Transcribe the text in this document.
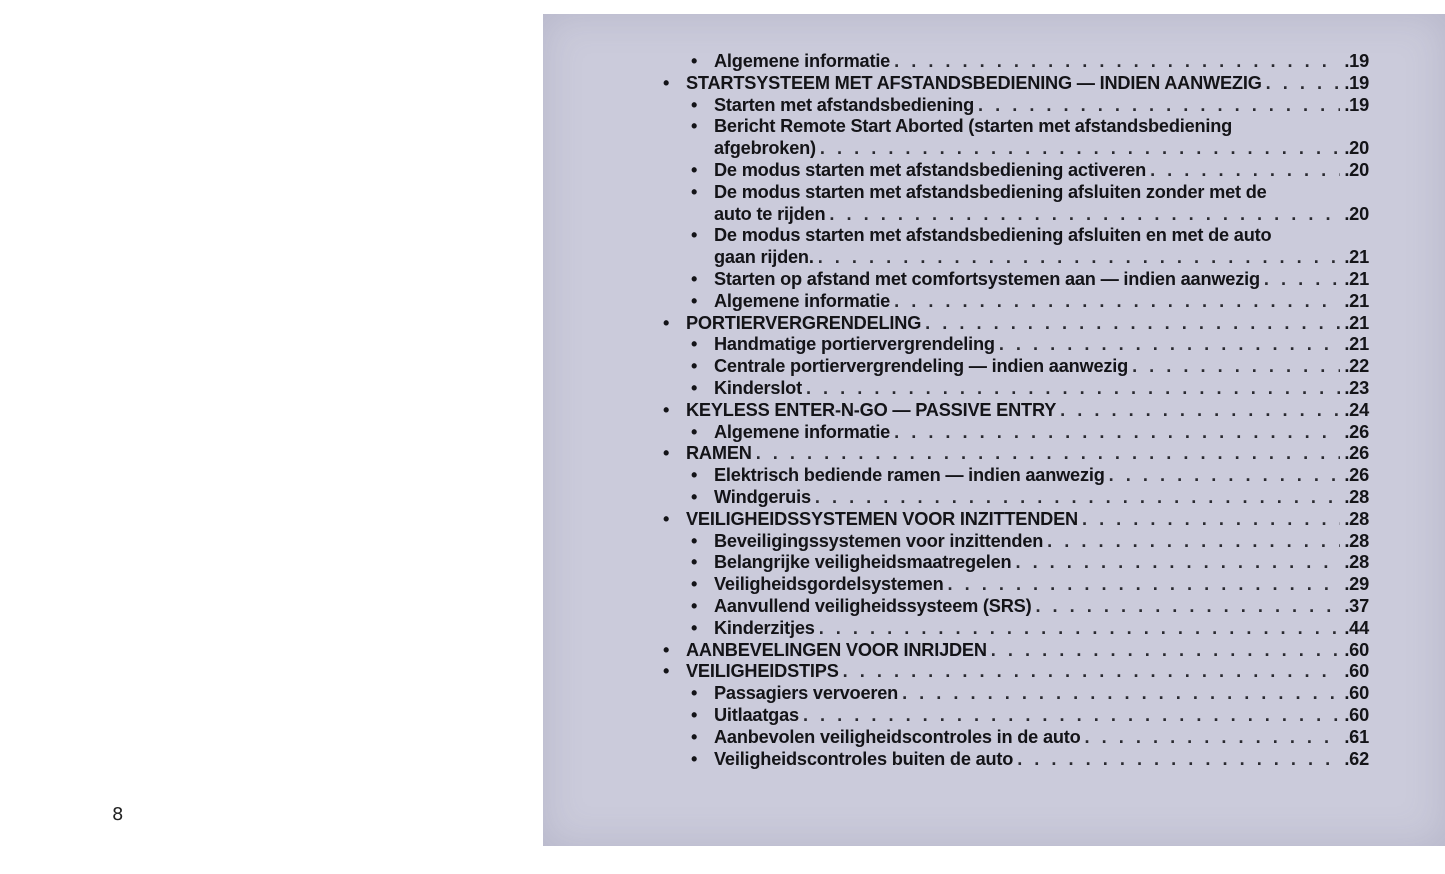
8
• Algemene informatie . . .	.19
• STARTSYSTEEM MET AFSTANDSBEDIENING — INDIEN AANWEZIG . . .	.19
• Starten met afstandsbediening . . .	.19
• Bericht Remote Start Aborted (starten met afstandsbediening
afgebroken) . . .	.20
• De modus starten met afstandsbediening activeren . . .	.20
• De modus starten met afstandsbediening afsluiten zonder met de
auto te rijden . . .	.20
• De modus starten met afstandsbediening afsluiten en met de auto
gaan rijden. . . .	.21
• Starten op afstand met comfortsystemen aan — indien aanwezig . . .	.21
• Algemene informatie . . .	.21
• PORTIERVERGRENDELING . . .	.21
• Handmatige portiervergrendeling . . .	.21
• Centrale portiervergrendeling — indien aanwezig . . .	.22
• Kinderslot . . .	.23
• KEYLESS ENTER-N-GO — PASSIVE ENTRY . . .	.24
• Algemene informatie . . .	.26
• RAMEN . . .	.26
• Elektrisch bediende ramen — indien aanwezig . . .	.26
• Windgeruis . . .	.28
• VEILIGHEIDSSYSTEMEN VOOR INZITTENDEN . . .	.28
• Beveiligingssystemen voor inzittenden . . .	.28
• Belangrijke veiligheidsmaatregelen . . .	.28
• Veiligheidsgordelsystemen . . .	.29
• Aanvullend veiligheidssysteem (SRS) . . .	.37
• Kinderzitjes . . .	.44
• AANBEVELINGEN VOOR INRIJDEN . . .	.60
• VEILIGHEIDSTIPS . . .	.60
• Passagiers vervoeren . . .	.60
• Uitlaatgas . . .	.60
• Aanbevolen veiligheidscontroles in de auto . . .	.61
• Veiligheidscontroles buiten de auto . . .	.62
